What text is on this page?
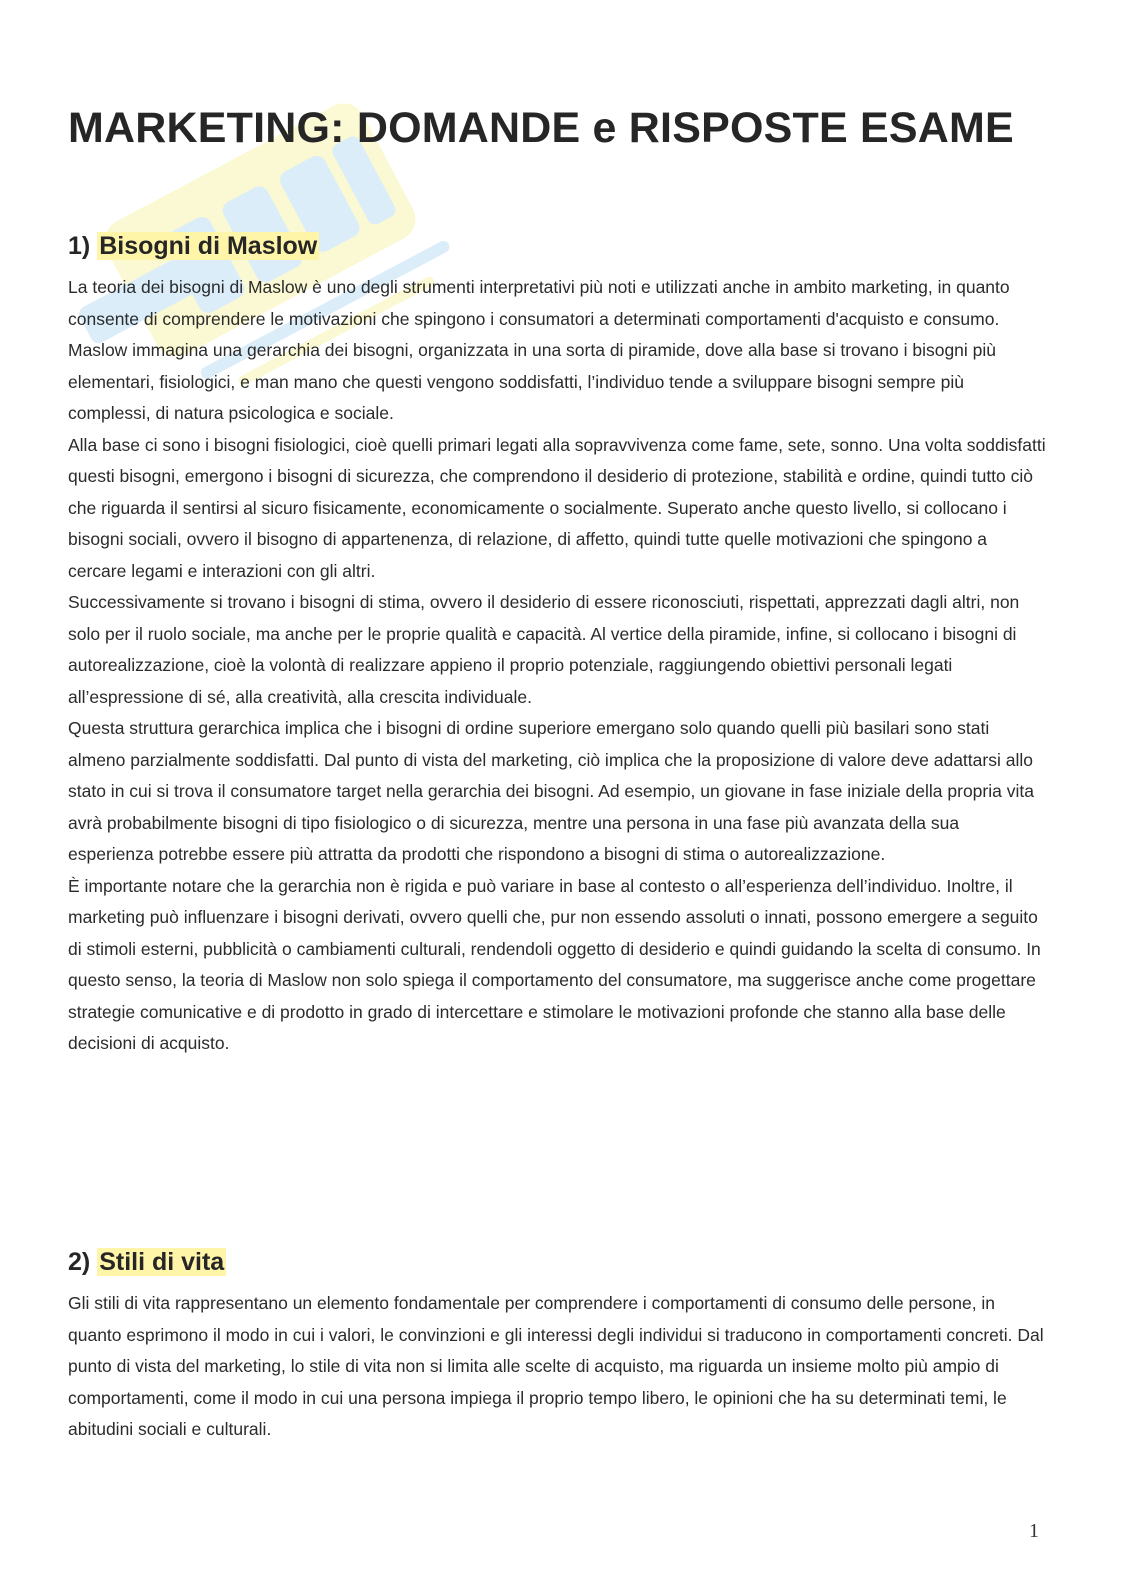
MARKETING: DOMANDE e RISPOSTE ESAME
1) Bisogni di Maslow

La teoria dei bisogni di Maslow è uno degli strumenti interpretativi più noti e utilizzati anche in ambito marketing, in quanto consente di comprendere le motivazioni che spingono i consumatori a determinati comportamenti d'acquisto e consumo. Maslow immagina una gerarchia dei bisogni, organizzata in una sorta di piramide, dove alla base si trovano i bisogni più elementari, fisiologici, e man mano che questi vengono soddisfatti, l’individuo tende a sviluppare bisogni sempre più complessi, di natura psicologica e sociale.
Alla base ci sono i bisogni fisiologici, cioè quelli primari legati alla sopravvivenza come fame, sete, sonno. Una volta soddisfatti questi bisogni, emergono i bisogni di sicurezza, che comprendono il desiderio di protezione, stabilità e ordine, quindi tutto ciò che riguarda il sentirsi al sicuro fisicamente, economicamente o socialmente. Superato anche questo livello, si collocano i bisogni sociali, ovvero il bisogno di appartenenza, di relazione, di affetto, quindi tutte quelle motivazioni che spingono a cercare legami e interazioni con gli altri.
Successivamente si trovano i bisogni di stima, ovvero il desiderio di essere riconosciuti, rispettati, apprezzati dagli altri, non solo per il ruolo sociale, ma anche per le proprie qualità e capacità. Al vertice della piramide, infine, si collocano i bisogni di autorealizzazione, cioè la volontà di realizzare appieno il proprio potenziale, raggiungendo obiettivi personali legati all’espressione di sé, alla creatività, alla crescita individuale.
Questa struttura gerarchica implica che i bisogni di ordine superiore emergano solo quando quelli più basilari sono stati almeno parzialmente soddisfatti. Dal punto di vista del marketing, ciò implica che la proposizione di valore deve adattarsi allo stato in cui si trova il consumatore target nella gerarchia dei bisogni. Ad esempio, un giovane in fase iniziale della propria vita avrà probabilmente bisogni di tipo fisiologico o di sicurezza, mentre una persona in una fase più avanzata della sua esperienza potrebbe essere più attratta da prodotti che rispondono a bisogni di stima o autorealizzazione.
È importante notare che la gerarchia non è rigida e può variare in base al contesto o all’esperienza dell’individuo. Inoltre, il marketing può influenzare i bisogni derivati, ovvero quelli che, pur non essendo assoluti o innati, possono emergere a seguito di stimoli esterni, pubblicità o cambiamenti culturali, rendendoli oggetto di desiderio e quindi guidando la scelta di consumo. In questo senso, la teoria di Maslow non solo spiega il comportamento del consumatore, ma suggerisce anche come progettare strategie comunicative e di prodotto in grado di intercettare e stimolare le motivazioni profonde che stanno alla base delle decisioni di acquisto.

2) Stili di vita

Gli stili di vita rappresentano un elemento fondamentale per comprendere i comportamenti di consumo delle persone, in quanto esprimono il modo in cui i valori, le convinzioni e gli interessi degli individui si traducono in comportamenti concreti. Dal punto di vista del marketing, lo stile di vita non si limita alle scelte di acquisto, ma riguarda un insieme molto più ampio di comportamenti, come il modo in cui una persona impiega il proprio tempo libero, le opinioni che ha su determinati temi, le abitudini sociali e culturali.

1
